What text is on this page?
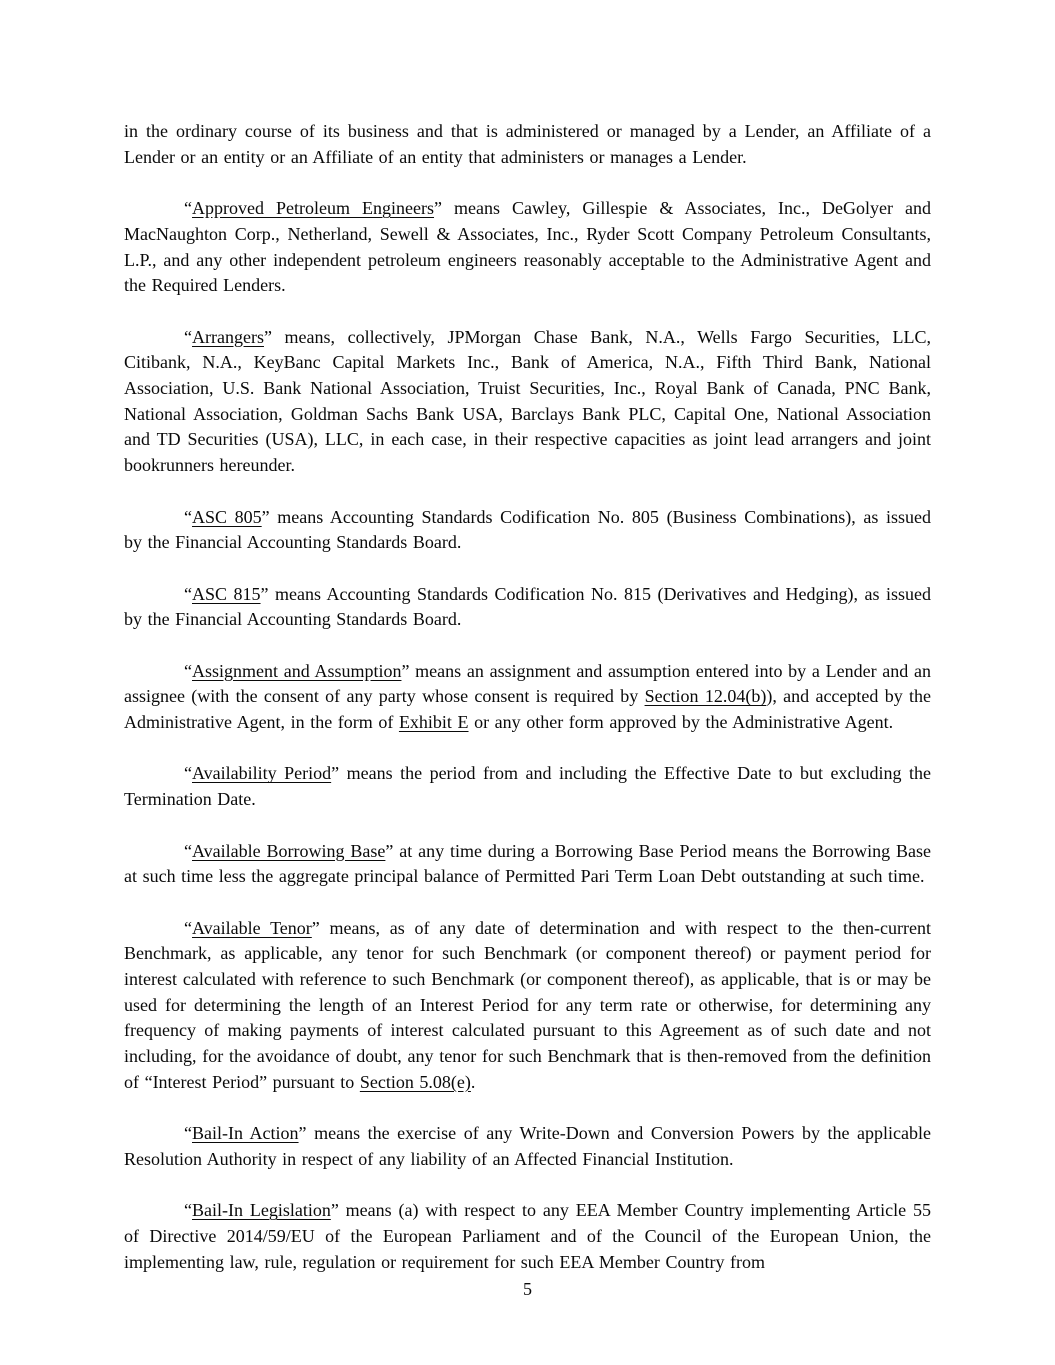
in the ordinary course of its business and that is administered or managed by a Lender, an Affiliate of a Lender or an entity or an Affiliate of an entity that administers or manages a Lender.

“Approved Petroleum Engineers” means Cawley, Gillespie & Associates, Inc., DeGolyer and MacNaughton Corp., Netherland, Sewell & Associates, Inc., Ryder Scott Company Petroleum Consultants, L.P., and any other independent petroleum engineers reasonably acceptable to the Administrative Agent and the Required Lenders.

“Arrangers” means, collectively, JPMorgan Chase Bank, N.A., Wells Fargo Securities, LLC, Citibank, N.A., KeyBanc Capital Markets Inc., Bank of America, N.A., Fifth Third Bank, National Association, U.S. Bank National Association, Truist Securities, Inc., Royal Bank of Canada, PNC Bank, National Association, Goldman Sachs Bank USA, Barclays Bank PLC, Capital One, National Association and TD Securities (USA), LLC, in each case, in their respective capacities as joint lead arrangers and joint bookrunners hereunder.

“ASC 805” means Accounting Standards Codification No. 805 (Business Combinations), as issued by the Financial Accounting Standards Board.

“ASC 815” means Accounting Standards Codification No. 815 (Derivatives and Hedging), as issued by the Financial Accounting Standards Board.

“Assignment and Assumption” means an assignment and assumption entered into by a Lender and an assignee (with the consent of any party whose consent is required by Section 12.04(b)), and accepted by the Administrative Agent, in the form of Exhibit E or any other form approved by the Administrative Agent.

“Availability Period” means the period from and including the Effective Date to but excluding the Termination Date.

“Available Borrowing Base” at any time during a Borrowing Base Period means the Borrowing Base at such time less the aggregate principal balance of Permitted Pari Term Loan Debt outstanding at such time.

“Available Tenor” means, as of any date of determination and with respect to the then-current Benchmark, as applicable, any tenor for such Benchmark (or component thereof) or payment period for interest calculated with reference to such Benchmark (or component thereof), as applicable, that is or may be used for determining the length of an Interest Period for any term rate or otherwise, for determining any frequency of making payments of interest calculated pursuant to this Agreement as of such date and not including, for the avoidance of doubt, any tenor for such Benchmark that is then-removed from the definition of “Interest Period” pursuant to Section 5.08(e).

“Bail-In Action” means the exercise of any Write-Down and Conversion Powers by the applicable Resolution Authority in respect of any liability of an Affected Financial Institution.

“Bail-In Legislation” means (a) with respect to any EEA Member Country implementing Article 55 of Directive 2014/59/EU of the European Parliament and of the Council of the European Union, the implementing law, rule, regulation or requirement for such EEA Member Country from

5
